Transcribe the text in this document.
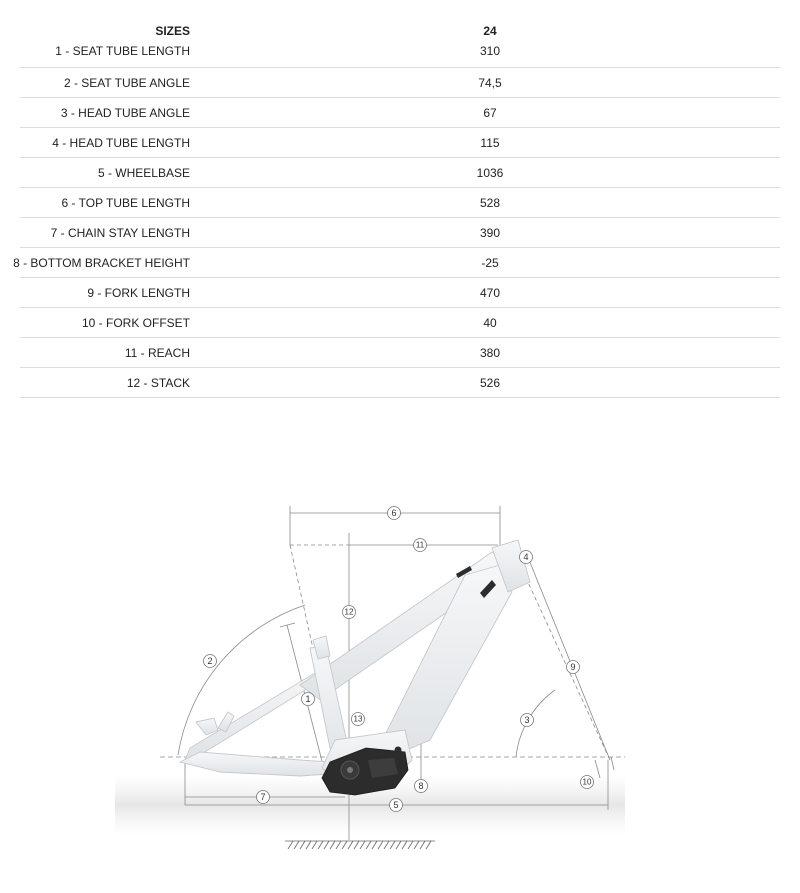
SIZES	24
1 - SEAT TUBE LENGTH	310
2 - SEAT TUBE ANGLE	74,5
3 - HEAD TUBE ANGLE	67
4 - HEAD TUBE LENGTH	115
5 - WHEELBASE	1036
6 - TOP TUBE LENGTH	528
7 - CHAIN STAY LENGTH	390
8 - BOTTOM BRACKET HEIGHT	-25
9 - FORK LENGTH	470
10 - FORK OFFSET	40
11 - REACH	380
12 - STACK	526
1
2
3
4
5
6
7
8
9
10
11
12
13
